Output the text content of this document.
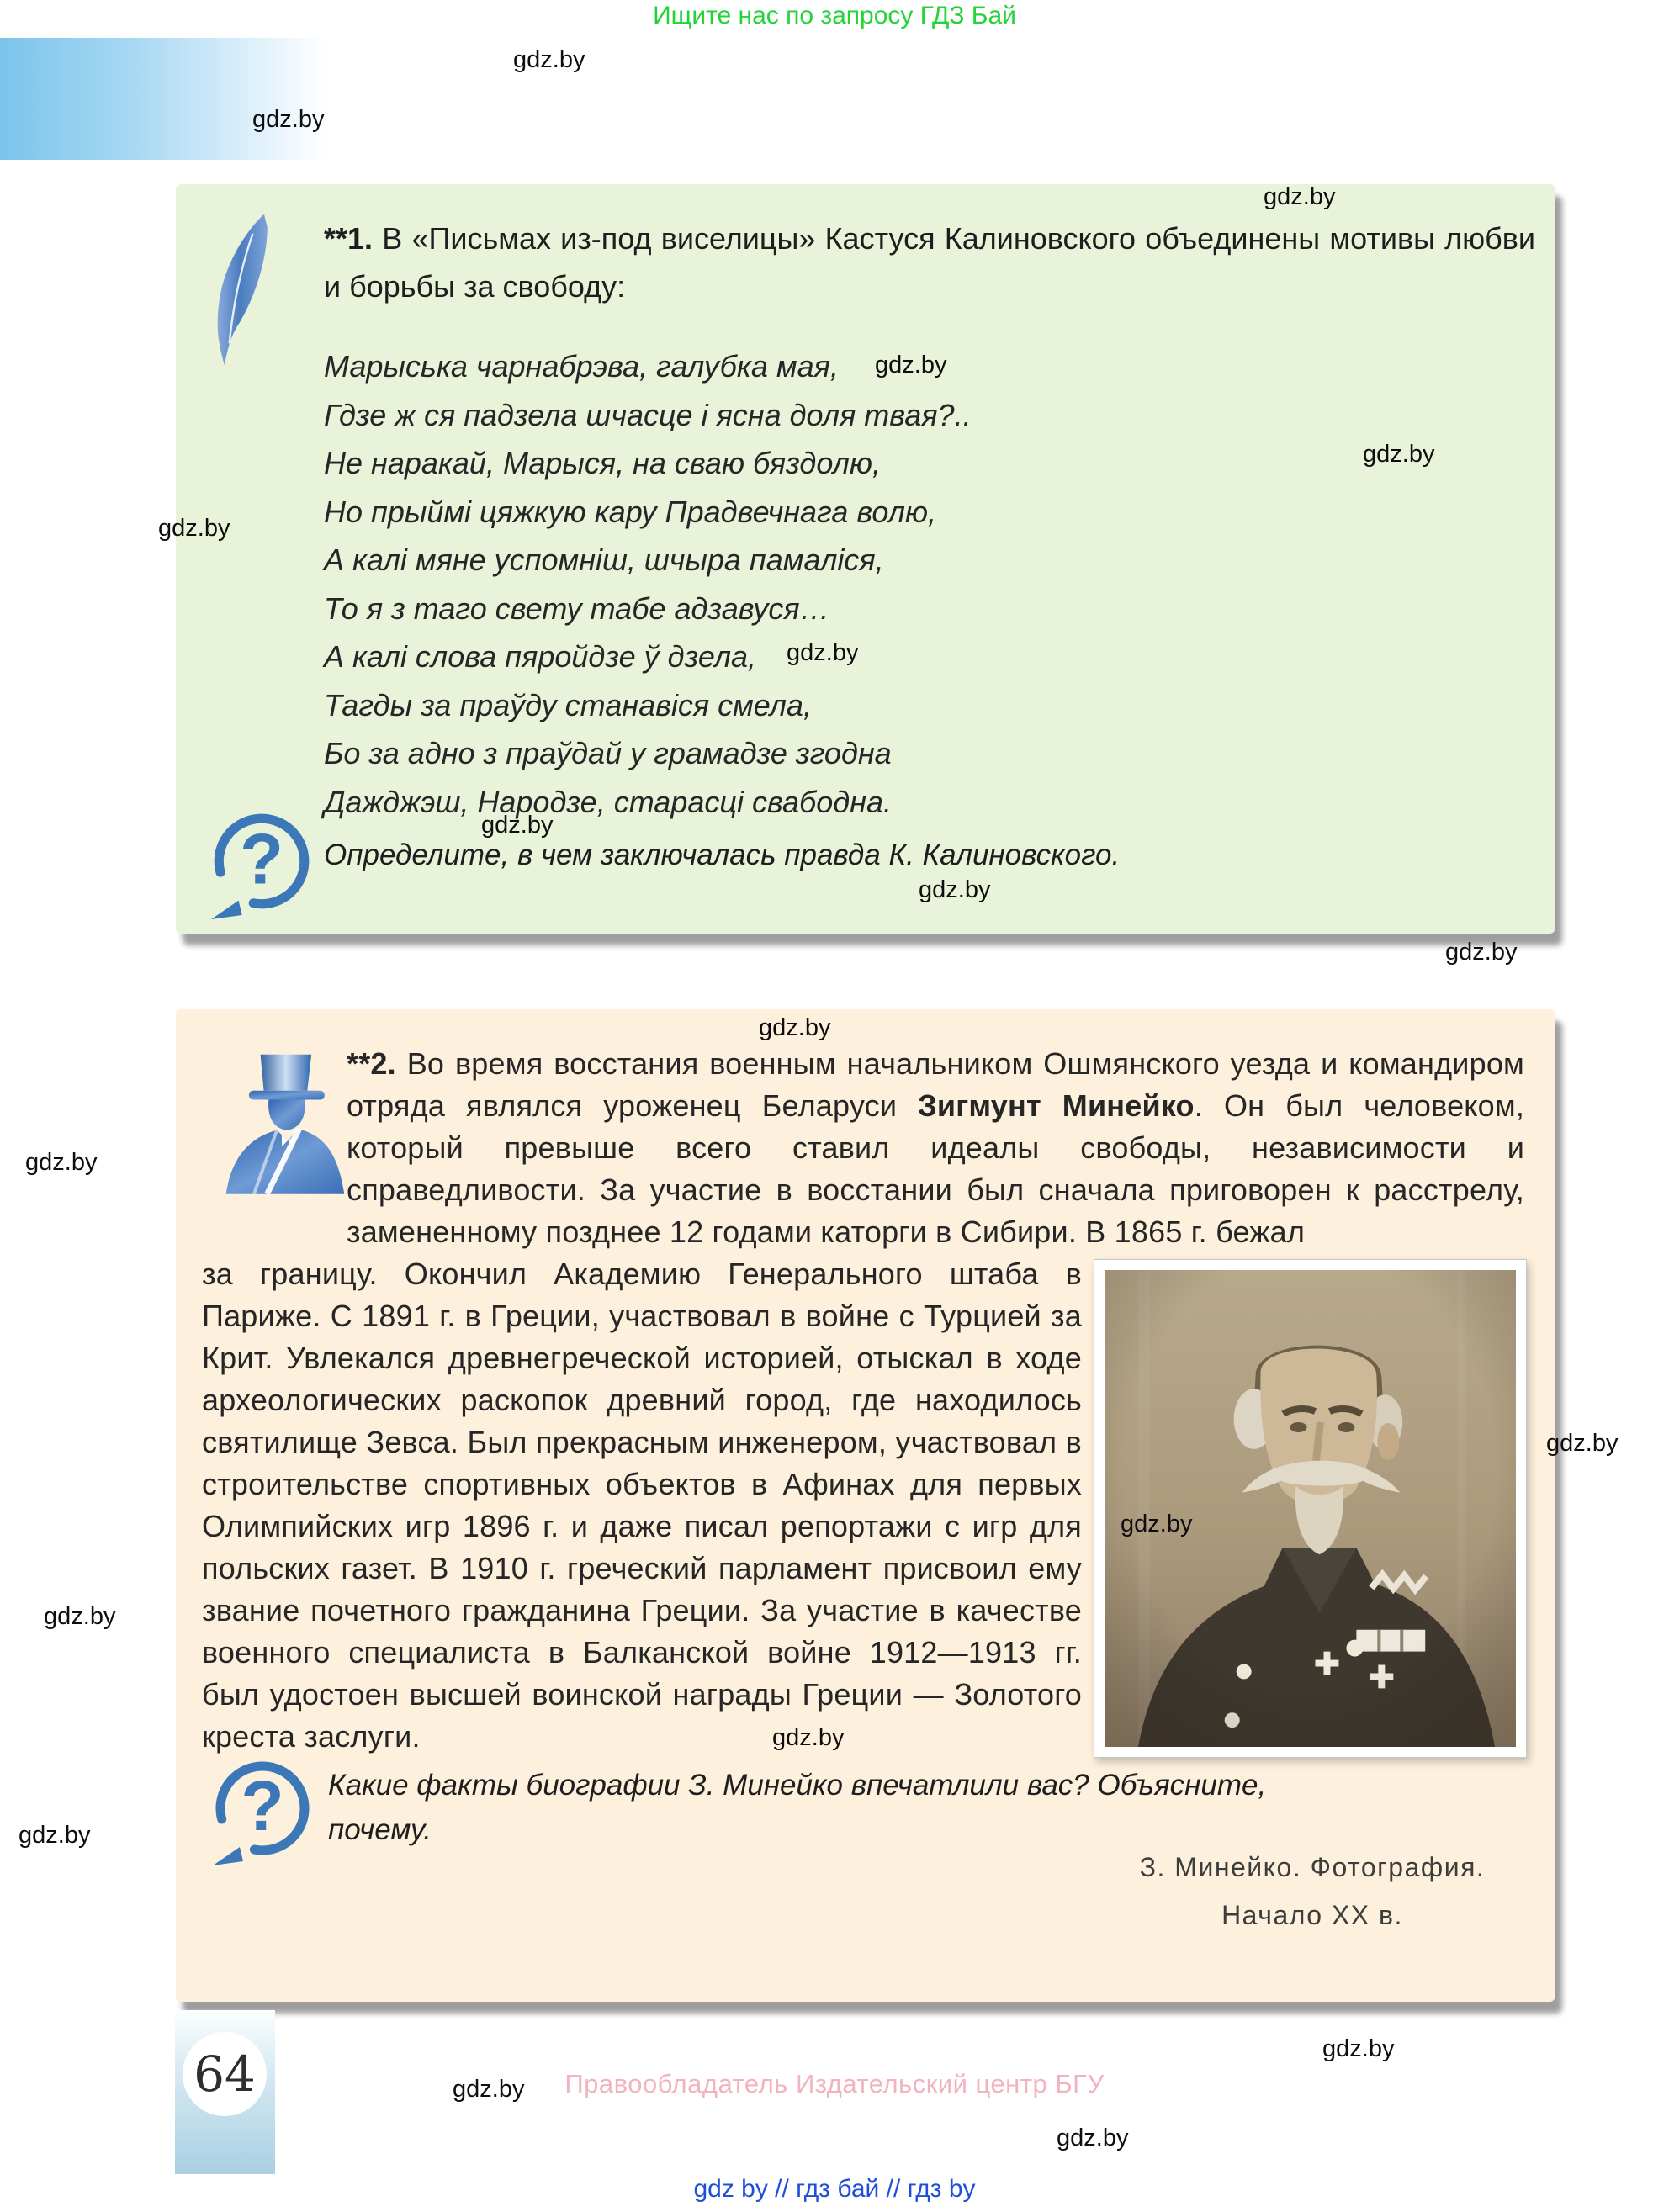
Ищите нас по запросу ГДЗ Бай
**1. В «Письмах из-под виселицы» Кастуся Калиновского объединены мотивы любви и борьбы за свободу:
Марыська чарнабрэва, галубка мая,
Гдзе ж ся падзела шчасце і ясна доля твая?..
Не наракай, Марыся, на сваю бяздолю,
Но прыймі цяжкую кару Прадвечнага волю,
А калі мяне успомніш, шчыра памаліся,
То я з таго свету табе адзавуся…
А калі слова пяройдзе ў дзела,
Тагды за праўду станавіся смела,
Бо за адно з праўдай у грамадзе згодна
Дажджэш, Народзе, старасці свабодна.
? Определите, в чем заключалась правда К. Калиновского.

**2. Во время восстания военным начальником Ошмянского уезда и командиром отряда являлся уроженец Беларуси Зигмунт Минейко. Он был человеком, который превыше всего ставил идеалы свободы, независимости и справедливости. За участие в восстании был сначала приговорен к расстрелу, замененному позднее 12 годами каторги в Сибири. В 1865 г. бежал

за границу. Окончил Академию Генерального штаба в Париже. С 1891 г. в Греции, участвовал в войне с Турцией за Крит. Увлекался древнегреческой историей, отыскал в ходе археологических раскопок древний город, где находилось святилище Зевса. Был прекрасным инженером, участвовал в строительстве спортивных объектов в Афинах для первых Олимпийских игр 1896 г. и даже писал репортажи с игр для польских газет. В 1910 г. греческий парламент присвоил ему звание почетного гражданина Греции. За участие в качестве военного специалиста в Балканской войне 1912—1913 гг. был удостоен высшей воинской награды Греции — Золотого креста заслуги.

? Какие факты биографии З. Минейко впечатлили вас? Объясните, почему.
З. Минейко. Фотография.
Начало XX в.
64	Правообладатель Издательский центр БГУ
gdz by // гдз бай // гдз by
gdz.by
gdz.by
gdz.by
gdz.by
gdz.by
gdz.by
gdz.by
gdz.by
gdz.by
gdz.by
gdz.by
gdz.by
gdz.by
gdz.by
gdz.by
gdz.by
gdz.by
gdz.by
gdz.by
gdz.by
